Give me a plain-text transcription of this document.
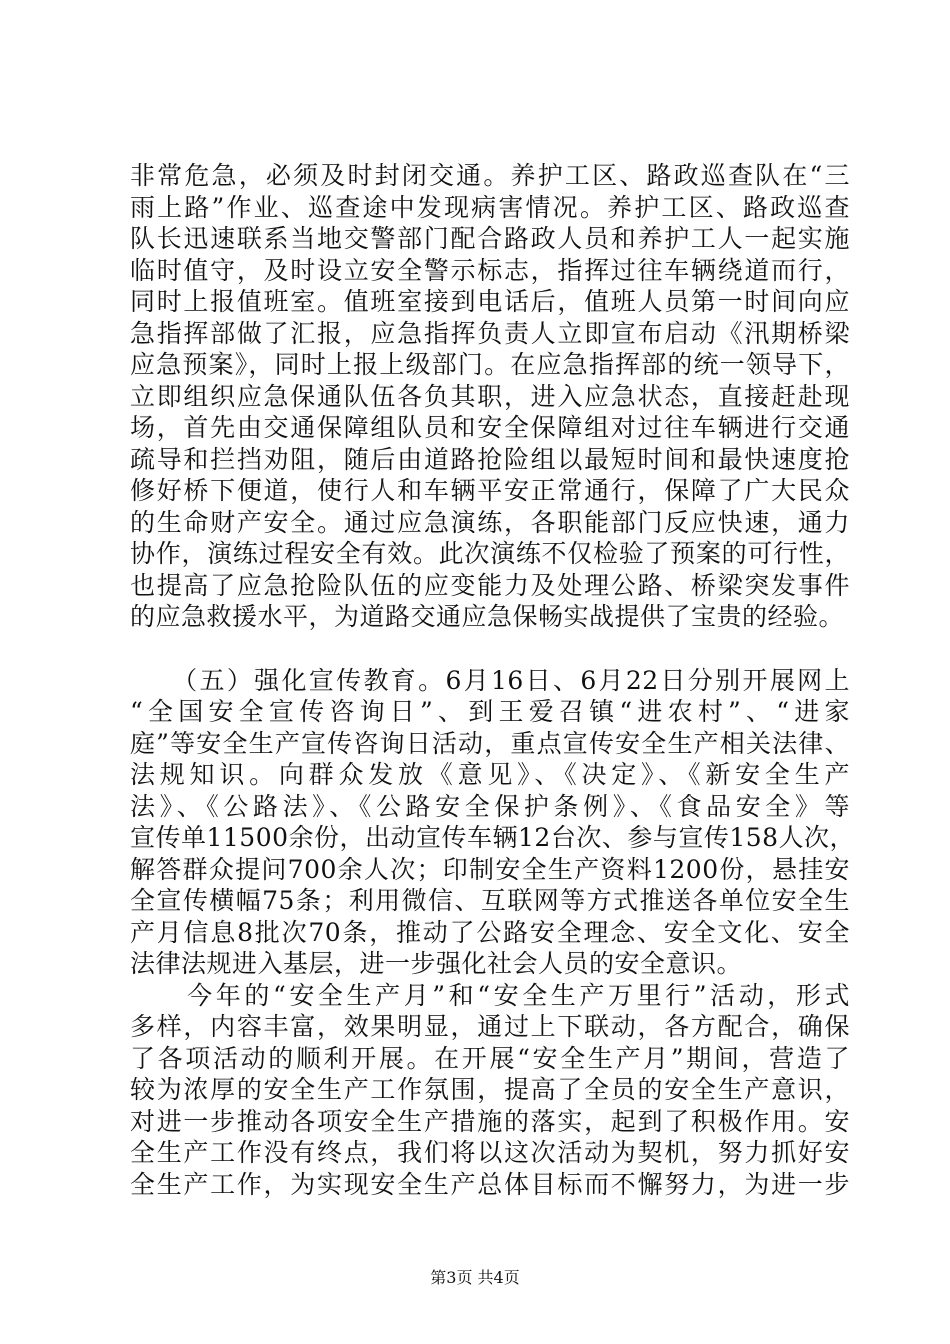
非常危急，必须及时封闭交通。养护工区、路政巡查队在“三
雨上路”作业、巡查途中发现病害情况。养护工区、路政巡查
队长迅速联系当地交警部门配合路政人员和养护工人一起实施
临时值守，及时设立安全警示标志，指挥过往车辆绕道而行，
同时上报值班室。值班室接到电话后，值班人员第一时间向应
急指挥部做了汇报，应急指挥负责人立即宣布启动《汛期桥梁
应急预案》，同时上报上级部门。在应急指挥部的统一领导下，
立即组织应急保通队伍各负其职，进入应急状态，直接赶赴现
场，首先由交通保障组队员和安全保障组对过往车辆进行交通
疏导和拦挡劝阻，随后由道路抢险组以最短时间和最快速度抢
修好桥下便道，使行人和车辆平安正常通行，保障了广大民众
的生命财产安全。通过应急演练，各职能部门反应快速，通力
协作，演练过程安全有效。此次演练不仅检验了预案的可行性，
也提高了应急抢险队伍的应变能力及处理公路、桥梁突发事件
的应急救援水平，为道路交通应急保畅实战提供了宝贵的经验。
　　（五）强化宣传教育。6月16日、6月22日分别开展网上
“全国安全宣传咨询日”、到王爱召镇“进农村”、“进家
庭”等安全生产宣传咨询日活动，重点宣传安全生产相关法律、
法规知识。向群众发放《意见》、《决定》、《新安全生产
法》、《公路法》、《公路安全保护条例》、《食品安全》等
宣传单11500余份，出动宣传车辆12台次、参与宣传158人次，
解答群众提问700余人次；印制安全生产资料1200份，悬挂安
全宣传横幅75条；利用微信、互联网等方式推送各单位安全生
产月信息8批次70条，推动了公路安全理念、安全文化、安全
法律法规进入基层，进一步强化社会人员的安全意识。
　　今年的“安全生产月”和“安全生产万里行”活动，形式
多样，内容丰富，效果明显，通过上下联动，各方配合，确保
了各项活动的顺利开展。在开展“安全生产月”期间，营造了
较为浓厚的安全生产工作氛围，提高了全员的安全生产意识，
对进一步推动各项安全生产措施的落实，起到了积极作用。安
全生产工作没有终点，我们将以这次活动为契机，努力抓好安
全生产工作，为实现安全生产总体目标而不懈努力，为进一步
第3页 共4页
